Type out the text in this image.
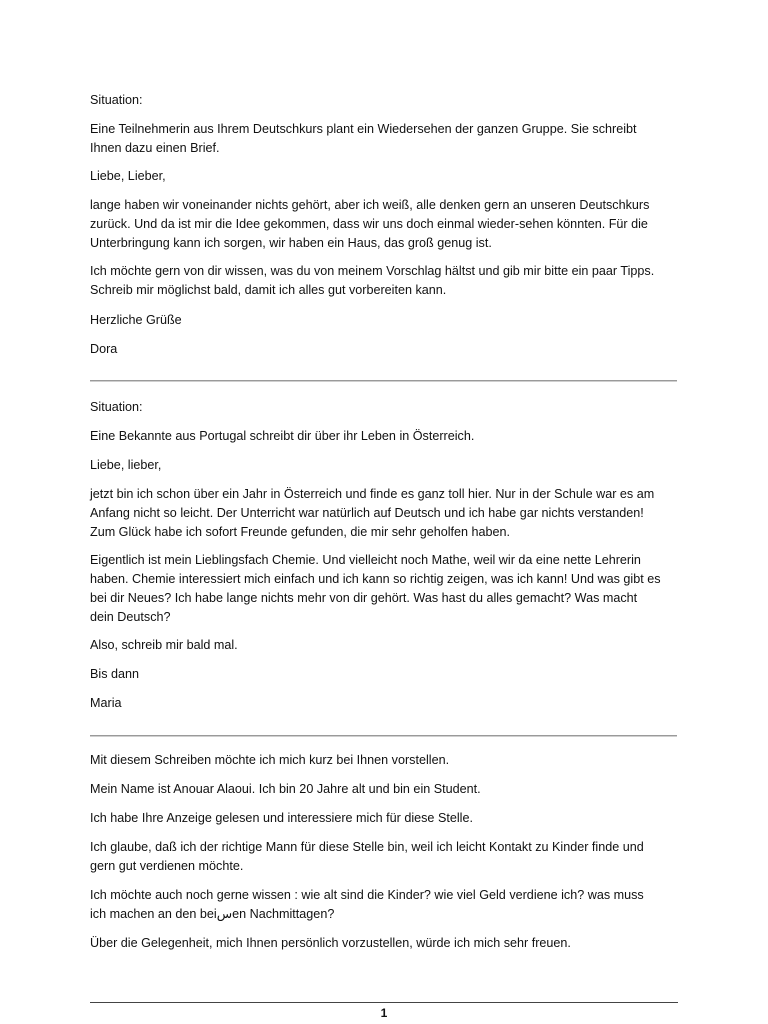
Situation:

Eine Teilnehmerin aus Ihrem Deutschkurs plant ein Wiedersehen der ganzen Gruppe. Sie schreibt
Ihnen dazu einen Brief.

Liebe, Lieber,

lange haben wir voneinander nichts gehört, aber ich weiß, alle denken gern an unseren Deutschkurs
zurück. Und da ist mir die Idee gekommen, dass wir uns doch einmal wieder-sehen könnten. Für die
Unterbringung kann ich sorgen, wir haben ein Haus, das groß genug ist.

Ich möchte gern von dir wissen, was du von meinem Vorschlag hältst und gib mir bitte ein paar Tipps.
Schreib mir möglichst bald, damit ich alles gut vorbereiten kann.

Herzliche Grüße

Dora

Situation:

Eine Bekannte aus Portugal schreibt dir über ihr Leben in Österreich.

Liebe, lieber,

jetzt bin ich schon über ein Jahr in Österreich und finde es ganz toll hier. Nur in der Schule war es am
Anfang nicht so leicht. Der Unterricht war natürlich auf Deutsch und ich habe gar nichts verstanden!
Zum Glück habe ich sofort Freunde gefunden, die mir sehr geholfen haben.

Eigentlich ist mein Lieblingsfach Chemie. Und vielleicht noch Mathe, weil wir da eine nette Lehrerin
haben. Chemie interessiert mich einfach und ich kann so richtig zeigen, was ich kann! Und was gibt es
bei dir Neues? Ich habe lange nichts mehr von dir gehört. Was hast du alles gemacht? Was macht
dein Deutsch?

Also, schreib mir bald mal.

Bis dann

Maria

Mit diesem Schreiben möchte ich mich kurz bei Ihnen vorstellen.

Mein Name ist Anouar Alaoui. Ich bin 20 Jahre alt und bin ein Student.

Ich habe Ihre Anzeige gelesen und interessiere mich für diese Stelle.

Ich glaube, daß ich der richtige Mann für diese Stelle bin, weil ich leicht Kontakt zu Kinder finde und
gern gut verdienen möchte.

Ich möchte auch noch gerne wissen : wie alt sind die Kinder? wie viel Geld verdiene ich? was muss
ich machen an den beiسen Nachmittagen?

Über die Gelegenheit, mich Ihnen persönlich vorzustellen, würde ich mich sehr freuen.

1
